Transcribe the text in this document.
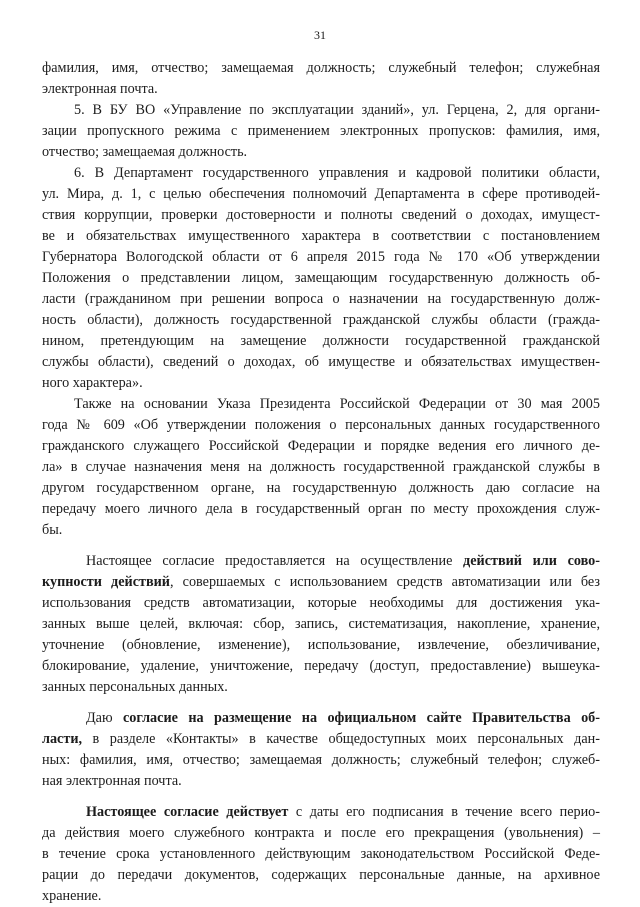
31
фамилия, имя, отчество; замещаемая должность; служебный телефон; служебная
электронная почта.
5. В БУ ВО «Управление по эксплуатации зданий», ул. Герцена, 2, для органи-
зации пропускного режима с применением электронных пропусков: фамилия, имя,
отчество; замещаемая должность.
6. В Департамент государственного управления и кадровой политики области,
ул. Мира, д. 1, с целью обеспечения полномочий Департамента в сфере противодей-
ствия коррупции, проверки достоверности и полноты сведений о доходах, имущест-
ве и обязательствах имущественного характера в соответствии с постановлением
Губернатора Вологодской области от 6 апреля 2015 года № 170 «Об утверждении
Положения о представлении лицом, замещающим государственную должность об-
ласти (гражданином при решении вопроса о назначении на государственную долж-
ность области), должность государственной гражданской службы области (гражда-
нином, претендующим на замещение должности государственной гражданской
службы области), сведений о доходах, об имуществе и обязательствах имуществен-
ного характера».
Также на основании Указа Президента Российской Федерации от 30 мая 2005
года № 609 «Об утверждении положения о персональных данных государственного
гражданского служащего Российской Федерации и порядке ведения его личного де-
ла» в случае назначения меня на должность государственной гражданской службы в
другом государственном органе, на государственную должность даю согласие на
передачу моего личного дела в государственный орган по месту прохождения служ-
бы.
Настоящее согласие предоставляется на осуществление действий или сово-
купности действий, совершаемых с использованием средств автоматизации или без
использования средств автоматизации, которые необходимы для достижения ука-
занных выше целей, включая: сбор, запись, систематизация, накопление, хранение,
уточнение (обновление, изменение), использование, извлечение, обезличивание,
блокирование, удаление, уничтожение, передачу (доступ, предоставление) вышеука-
занных персональных данных.
Даю согласие на размещение на официальном сайте Правительства об-
ласти, в разделе «Контакты» в качестве общедоступных моих персональных дан-
ных: фамилия, имя, отчество; замещаемая должность; служебный телефон; служеб-
ная электронная почта.
Настоящее согласие действует с даты его подписания в течение всего перио-
да действия моего служебного контракта и после его прекращения (увольнения) –
в течение срока установленного действующим законодательством Российской Феде-
рации до передачи документов, содержащих персональные данные, на архивное
хранение.
